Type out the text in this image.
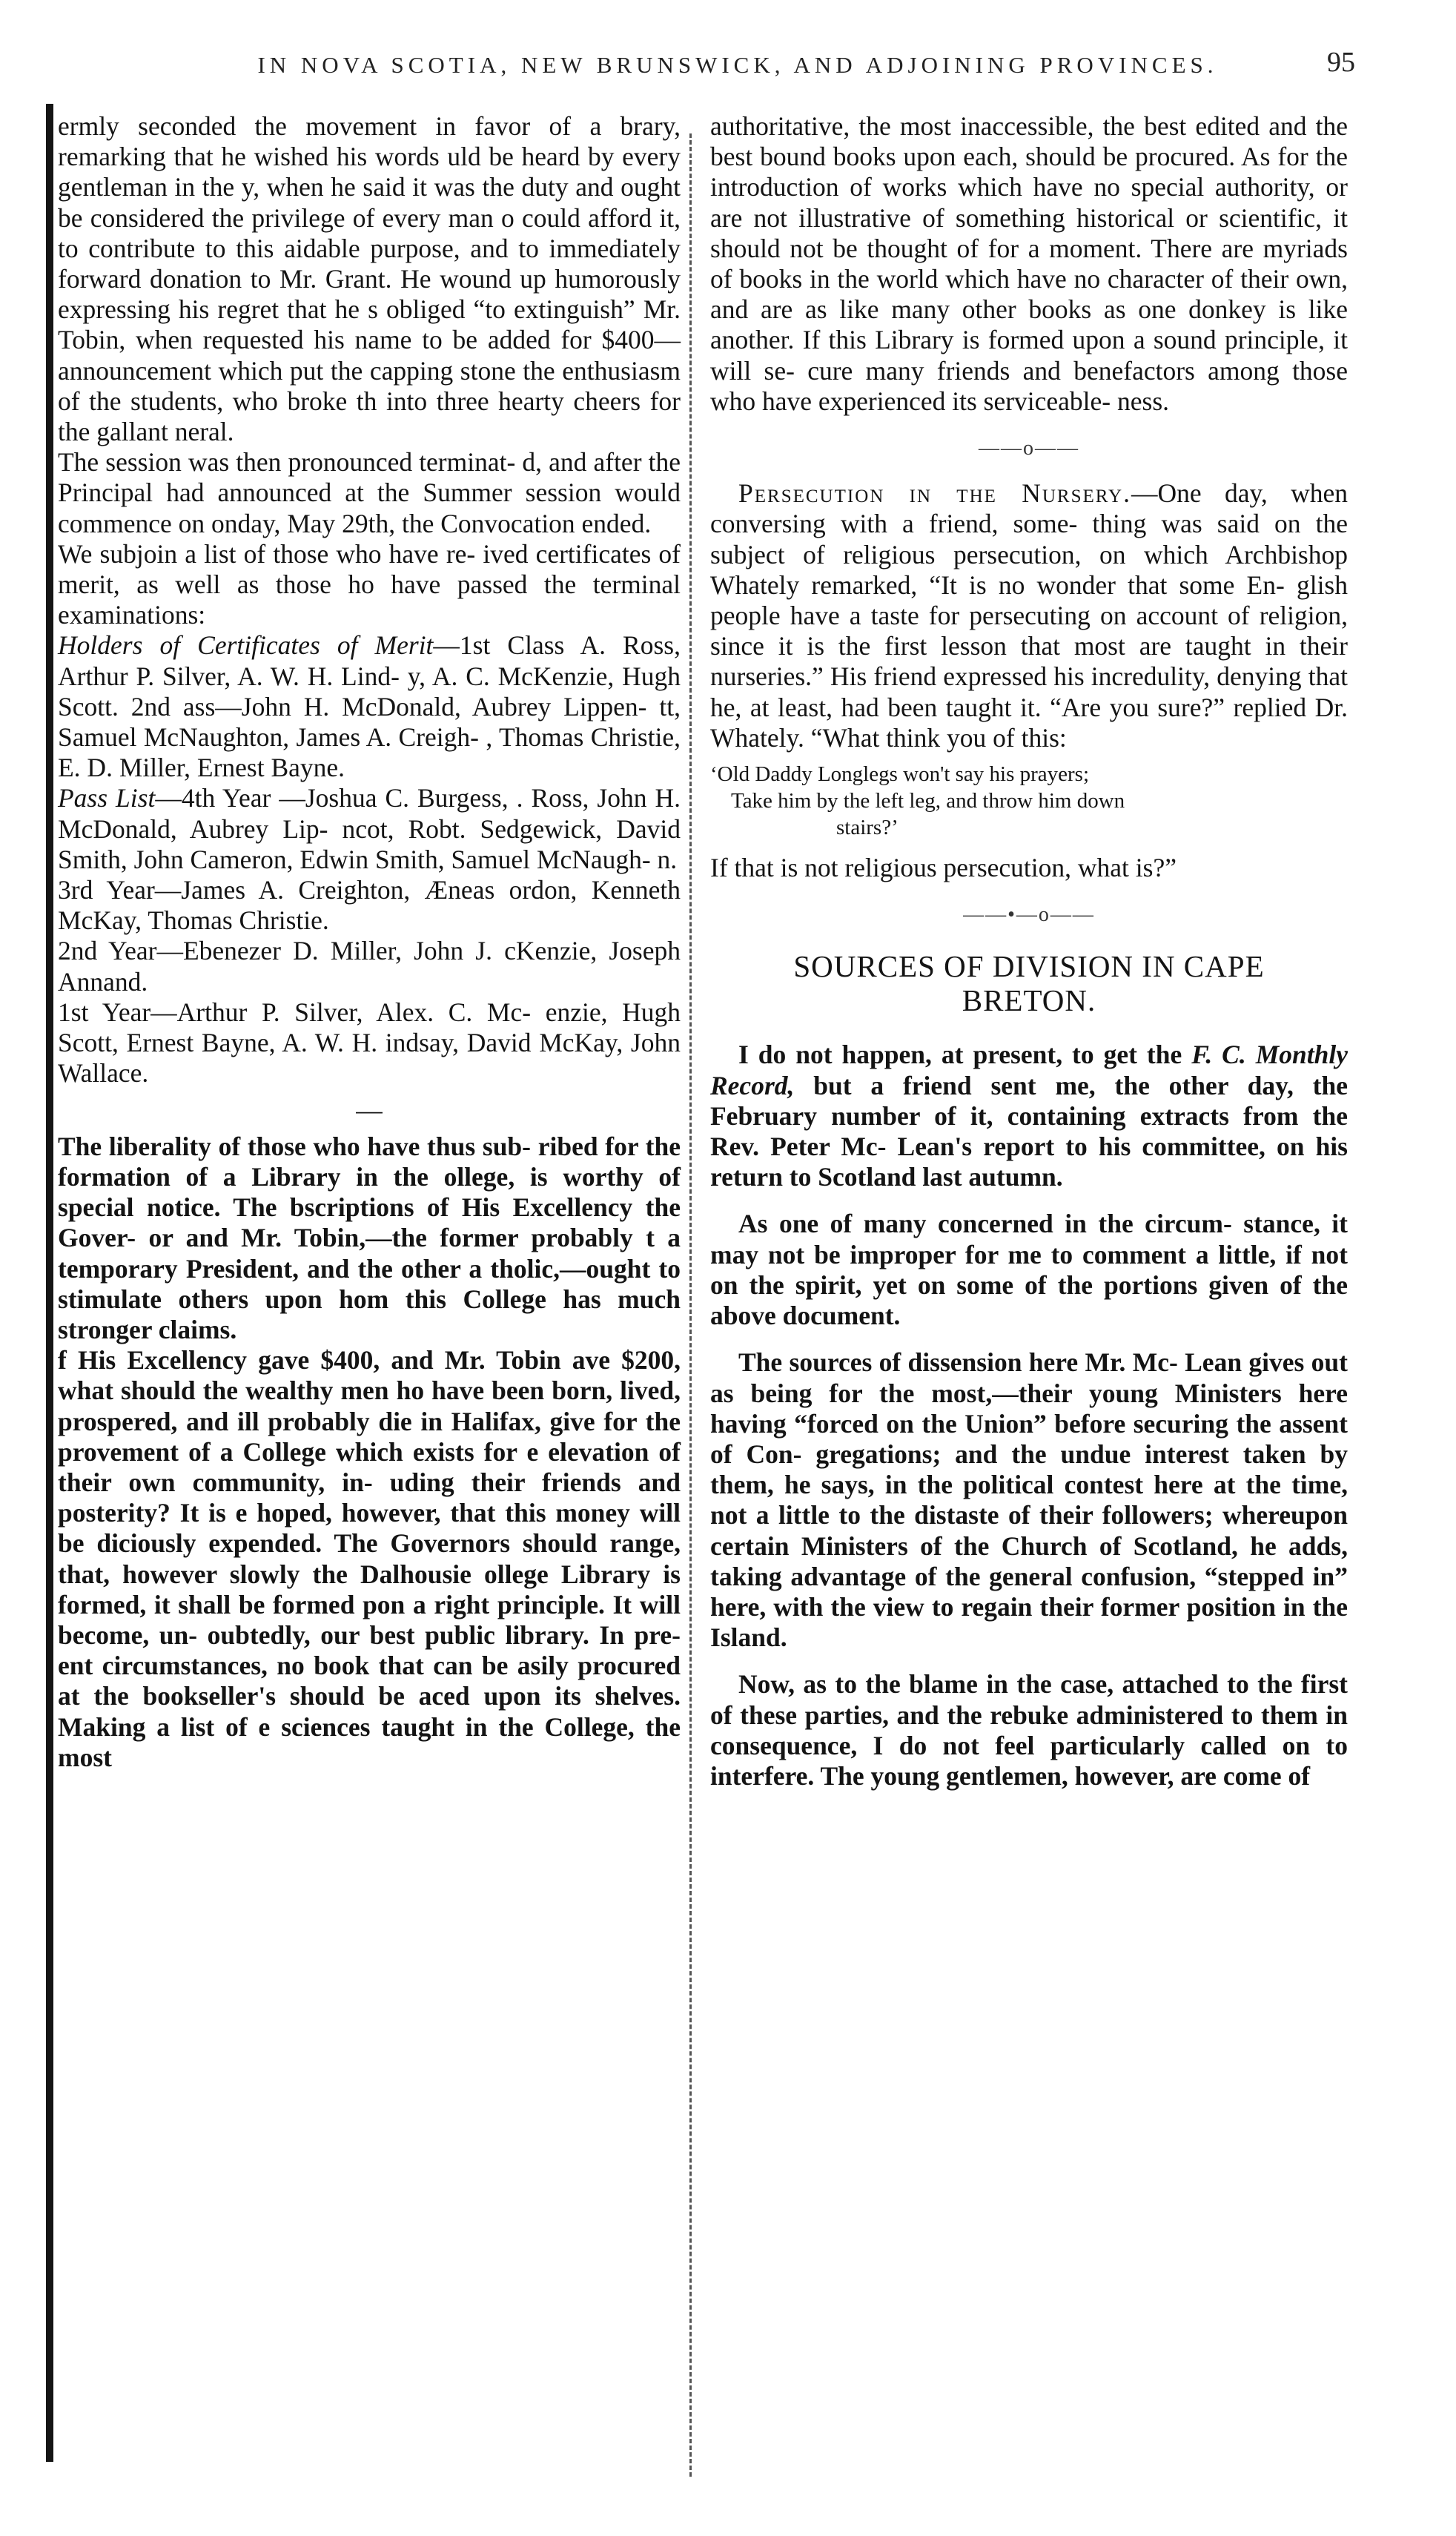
IN NOVA SCOTIA, NEW BRUNSWICK, AND ADJOINING PROVINCES.	95

ermly seconded the movement in favor of a brary, remarking that he wished his words uld be heard by every gentleman in the y, when he said it was the duty and ought be considered the privilege of every man o could afford it, to contribute to this aidable purpose, and to immediately forward donation to Mr. Grant. He wound up humorously expressing his regret that he s obliged “to extinguish” Mr. Tobin, when requested his name to be added for $400— announcement which put the capping stone the enthusiasm of the students, who broke th into three hearty cheers for the gallant neral.

The session was then pronounced terminat- d, and after the Principal had announced at the Summer session would commence on onday, May 29th, the Convocation ended.

We subjoin a list of those who have re- ived certificates of merit, as well as those ho have passed the terminal examinations:

Holders of Certificates of Merit—1st Class A. Ross, Arthur P. Silver, A. W. H. Lind- y, A. C. McKenzie, Hugh Scott. 2nd ass—John H. McDonald, Aubrey Lippen- tt, Samuel McNaughton, James A. Creigh- , Thomas Christie, E. D. Miller, Ernest Bayne.

Pass List—4th Year —Joshua C. Burgess, . Ross, John H. McDonald, Aubrey Lip- ncot, Robt. Sedgewick, David Smith, John Cameron, Edwin Smith, Samuel McNaugh- n.

3rd Year—James A. Creighton, Æneas ordon, Kenneth McKay, Thomas Christie.

2nd Year—Ebenezer D. Miller, John J. cKenzie, Joseph Annand.

1st Year—Arthur P. Silver, Alex. C. Mc- enzie, Hugh Scott, Ernest Bayne, A. W. H. indsay, David McKay, John Wallace.

—

The liberality of those who have thus sub- ribed for the formation of a Library in the ollege, is worthy of special notice. The bscriptions of His Excellency the Gover- or and Mr. Tobin,—the former probably t a temporary President, and the other a tholic,—ought to stimulate others upon hom this College has much stronger claims.

f His Excellency gave $400, and Mr. Tobin ave $200, what should the wealthy men ho have been born, lived, prospered, and ill probably die in Halifax, give for the provement of a College which exists for e elevation of their own community, in- uding their friends and posterity? It is e hoped, however, that this money will be diciously expended. The Governors should range, that, however slowly the Dalhousie ollege Library is formed, it shall be formed pon a right principle. It will become, un- oubtedly, our best public library. In pre- ent circumstances, no book that can be asily procured at the bookseller's should be aced upon its shelves. Making a list of e sciences taught in the College, the most

authoritative, the most inaccessible, the best edited and the best bound books upon each, should be procured. As for the introduction of works which have no special authority, or are not illustrative of something historical or scientific, it should not be thought of for a moment. There are myriads of books in the world which have no character of their own, and are as like many other books as one donkey is like another. If this Library is formed upon a sound principle, it will se- cure many friends and benefactors among those who have experienced its serviceable- ness.

——o——

Persecution in the Nursery.—One day, when conversing with a friend, some- thing was said on the subject of religious persecution, on which Archbishop Whately remarked, “It is no wonder that some En- glish people have a taste for persecuting on account of religion, since it is the first lesson that most are taught in their nurseries.” His friend expressed his incredulity, denying that he, at least, had been taught it. “Are you sure?” replied Dr. Whately. “What think you of this:

‘Old Daddy Longlegs won't say his prayers;
Take him by the left leg, and throw him down
stairs?’

If that is not religious persecution, what is?”

——•—o——
SOURCES OF DIVISION IN CAPE BRETON.

I do not happen, at present, to get the F. C. Monthly Record, but a friend sent me, the other day, the February number of it, containing extracts from the Rev. Peter Mc- Lean's report to his committee, on his return to Scotland last autumn.

As one of many concerned in the circum- stance, it may not be improper for me to comment a little, if not on the spirit, yet on some of the portions given of the above document.

The sources of dissension here Mr. Mc- Lean gives out as being for the most,—their young Ministers here having “forced on the Union” before securing the assent of Con- gregations; and the undue interest taken by them, he says, in the political contest here at the time, not a little to the distaste of their followers; whereupon certain Ministers of the Church of Scotland, he adds, taking advantage of the general confusion, “stepped in” here, with the view to regain their former position in the Island.

Now, as to the blame in the case, attached to the first of these parties, and the rebuke administered to them in consequence, I do not feel particularly called on to interfere. The young gentlemen, however, are come of
